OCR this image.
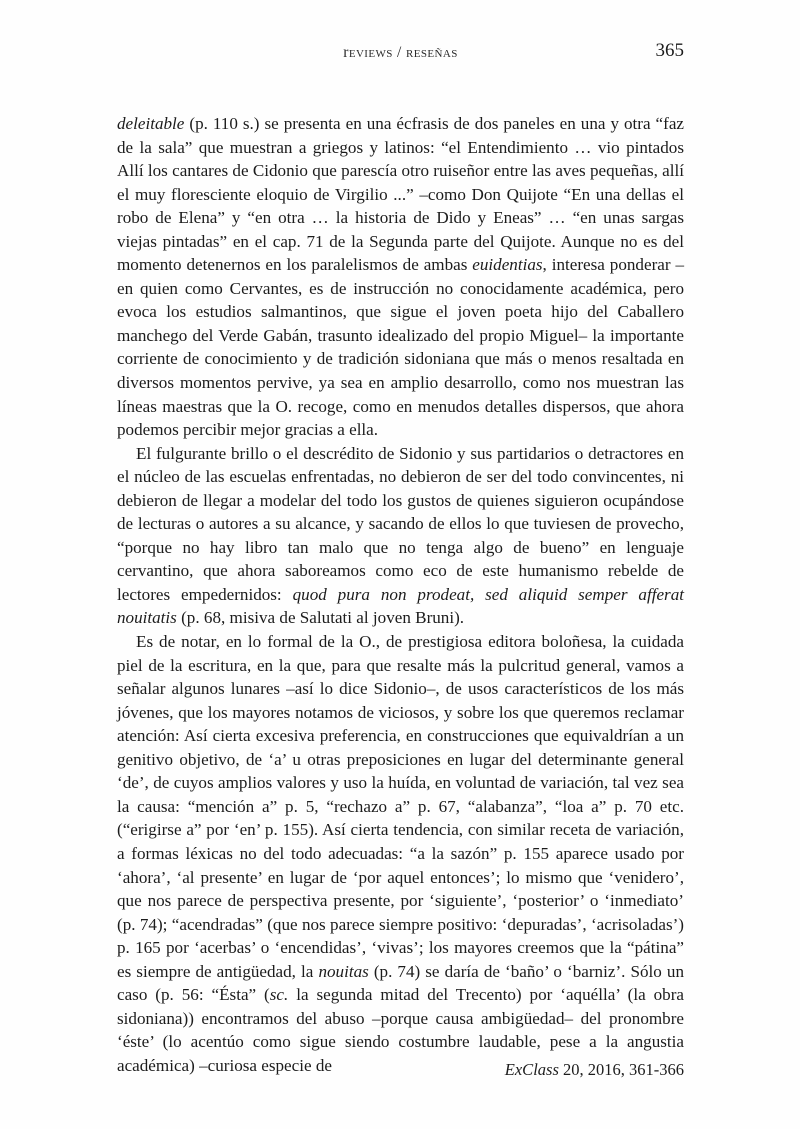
reviews / reseñas	365

deleitable (p. 110 s.) se presenta en una écfrasis de dos paneles en una y otra “faz de la sala” que muestran a griegos y latinos: “el Entendimiento … vio pintados Allí los cantares de Cidonio que parescía otro ruiseñor entre las aves pequeñas, allí el muy floresciente eloquio de Virgilio ...” –como Don Quijote “En una dellas el robo de Elena” y “en otra … la historia de Dido y Eneas” … “en unas sargas viejas pintadas” en el cap. 71 de la Segunda parte del Quijote. Aunque no es del momento detenernos en los paralelismos de ambas euidentias, interesa ponderar –en quien como Cervantes, es de instrucción no conocidamente académica, pero evoca los estudios salmantinos, que sigue el joven poeta hijo del Caballero manchego del Verde Gabán, trasunto idealizado del propio Miguel– la importante corriente de conocimiento y de tradición sidoniana que más o menos resaltada en diversos momentos pervive, ya sea en amplio desarrollo, como nos muestran las líneas maestras que la O. recoge, como en menudos detalles dispersos, que ahora podemos percibir mejor gracias a ella.

El fulgurante brillo o el descrédito de Sidonio y sus partidarios o detractores en el núcleo de las escuelas enfrentadas, no debieron de ser del todo convincentes, ni debieron de llegar a modelar del todo los gustos de quienes siguieron ocupándose de lecturas o autores a su alcance, y sacando de ellos lo que tuviesen de provecho, “porque no hay libro tan malo que no tenga algo de bueno” en lenguaje cervantino, que ahora saboreamos como eco de este humanismo rebelde de lectores empedernidos: quod pura non prodeat, sed aliquid semper afferat nouitatis (p. 68, misiva de Salutati al joven Bruni).

Es de notar, en lo formal de la O., de prestigiosa editora boloñesa, la cuidada piel de la escritura, en la que, para que resalte más la pulcritud general, vamos a señalar algunos lunares –así lo dice Sidonio–, de usos característicos de los más jóvenes, que los mayores notamos de viciosos, y sobre los que queremos reclamar atención: Así cierta excesiva preferencia, en construcciones que equivaldrían a un genitivo objetivo, de ‘a’ u otras preposiciones en lugar del determinante general ‘de’, de cuyos amplios valores y uso la huída, en voluntad de variación, tal vez sea la causa: “mención a” p. 5, “rechazo a” p. 67, “alabanza”, “loa a” p. 70 etc. (“erigirse a” por ‘en’ p. 155). Así cierta tendencia, con similar receta de variación, a formas léxicas no del todo adecuadas: “a la sazón” p. 155 aparece usado por ‘ahora’, ‘al presente’ en lugar de ‘por aquel entonces’; lo mismo que ‘venidero’, que nos parece de perspectiva presente, por ‘siguiente’, ‘posterior’ o ‘inmediato’ (p. 74); “acendradas” (que nos parece siempre positivo: ‘depuradas’, ‘acrisoladas’) p. 165 por ‘acerbas’ o ‘encendidas’, ‘vivas’; los mayores creemos que la “pátina” es siempre de antigüedad, la nouitas (p. 74) se daría de ‘baño’ o ‘barniz’. Sólo un caso (p. 56: “Ésta” (sc. la segunda mitad del Trecento) por ‘aquélla’ (la obra sidoniana)) encontramos del abuso –porque causa ambigüedad– del pronombre ‘éste’ (lo acentúo como sigue siendo costumbre laudable, pese a la angustia académica) –curiosa especie de	ExClass 20, 2016, 361-366
